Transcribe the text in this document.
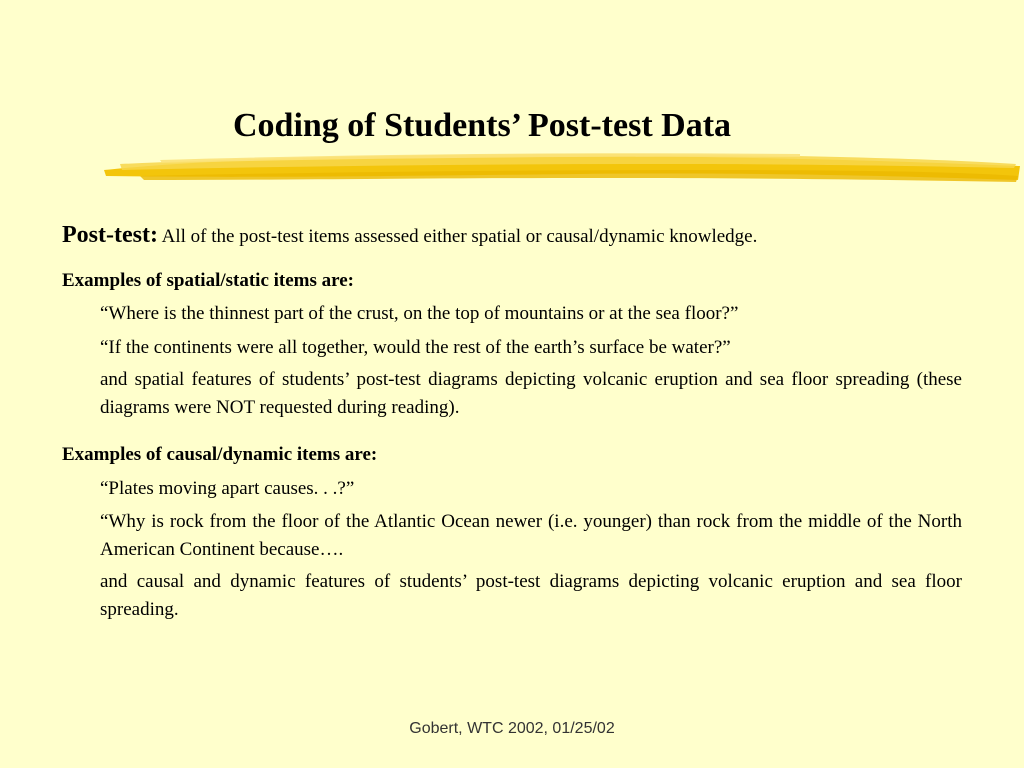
Coding of Students’ Post-test Data
Post-test: All of the post-test items assessed either spatial or causal/dynamic knowledge.
Examples of spatial/static items are:
“Where is the thinnest part of the crust, on the top of mountains or at the sea floor?”
“If the continents were all together, would the rest of the earth’s surface be water?”
and spatial features of students’ post-test diagrams depicting volcanic eruption and sea floor spreading (these diagrams were NOT requested during reading).
Examples of causal/dynamic items are:
“Plates moving apart causes. . .?”
“Why is rock from the floor of the Atlantic Ocean newer (i.e. younger) than rock from the middle of the North American Continent because….
and causal and dynamic features of students’ post-test diagrams depicting volcanic eruption and sea floor spreading.
Gobert, WTC 2002, 01/25/02
